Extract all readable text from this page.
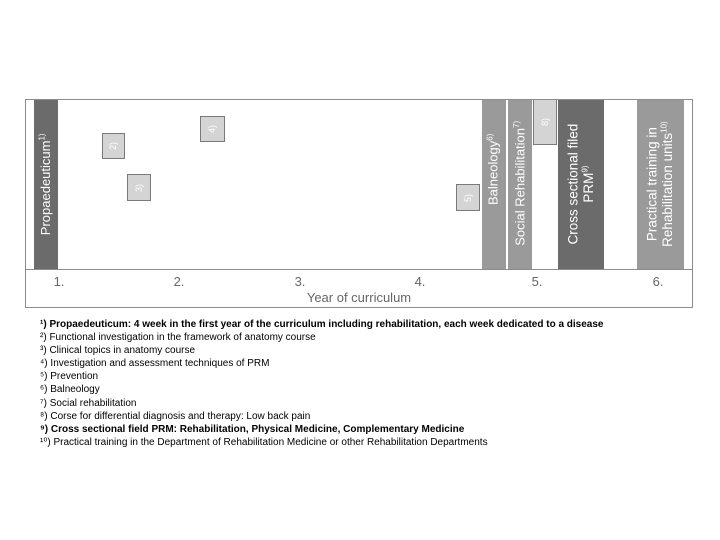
Propaedeuticum$^{1)}$
2)
3)
4)
5) Balneology$^{6)}$	Social Rehabilitation$^{7)}$	8)
Cross sectional filed PRM$^{9)}$	Practical training in Rehabilitation units$^{10)}$
1.	2.	3.	4.	5.	6.
Year of curriculum
¹) Propaedeuticum: 4 week in the first year of the curriculum including rehabilitation, each week dedicated to a disease
²) Functional investigation in the framework of anatomy course
³) Clinical topics in anatomy course
⁴) Investigation and assessment techniques of PRM
⁵) Prevention
⁶) Balneology
⁷) Social rehabilitation
⁸) Corse for differential diagnosis and therapy: Low back pain
⁹) Cross sectional field PRM: Rehabilitation, Physical Medicine, Complementary Medicine
¹⁰) Practical training in the Department of Rehabilitation Medicine or other Rehabilitation Departments
